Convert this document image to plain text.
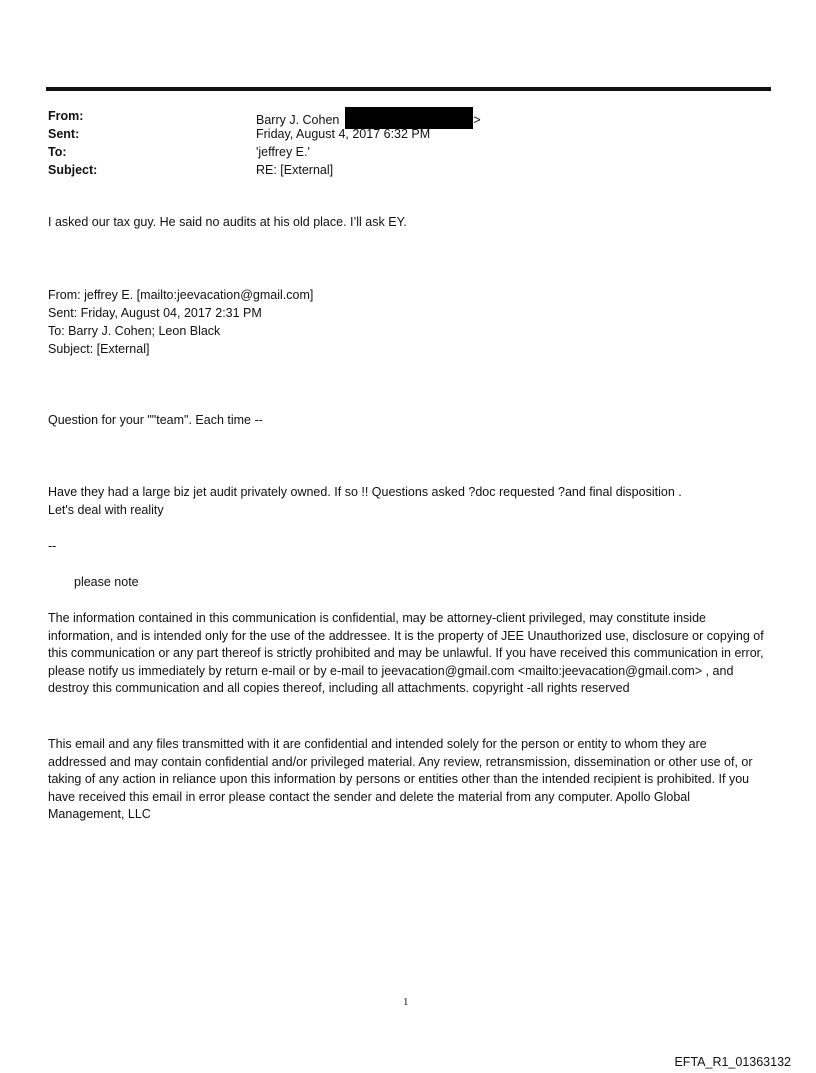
From:	Barry J. Cohen	>
Sent:	Friday, August 4, 2017 6:32 PM
To:	'jeffrey E.'
Subject:	RE: [External]

I asked our tax guy. He said no audits at his old place. I’ll ask EY.

From: jeffrey E. [mailto:jeevacation@gmail.com]
Sent: Friday, August 04, 2017 2:31 PM
To: Barry J. Cohen; Leon Black
Subject: [External]

Question for your ""team". Each time --

Have they had a large biz jet audit privately owned. If so !! Questions asked ?doc requested ?and final disposition .

Let's deal with reality

--

please note

The information contained in this communication is confidential, may be attorney-client privileged, may constitute inside information, and is intended only for the use of the addressee. It is the property of JEE Unauthorized use, disclosure or copying of this communication or any part thereof is strictly prohibited and may be unlawful. If you have received this communication in error, please notify us immediately by return e-mail or by e-mail to jeevacation@gmail.com <mailto:jeevacation@gmail.com> , and destroy this communication and all copies thereof, including all attachments. copyright -all rights reserved

This email and any files transmitted with it are confidential and intended solely for the person or entity to whom they are addressed and may contain confidential and/or privileged material. Any review, retransmission, dissemination or other use of, or taking of any action in reliance upon this information by persons or entities other than the intended recipient is prohibited. If you have received this email in error please contact the sender and delete the material from any computer. Apollo Global Management, LLC

1
EFTA_R1_01363132
